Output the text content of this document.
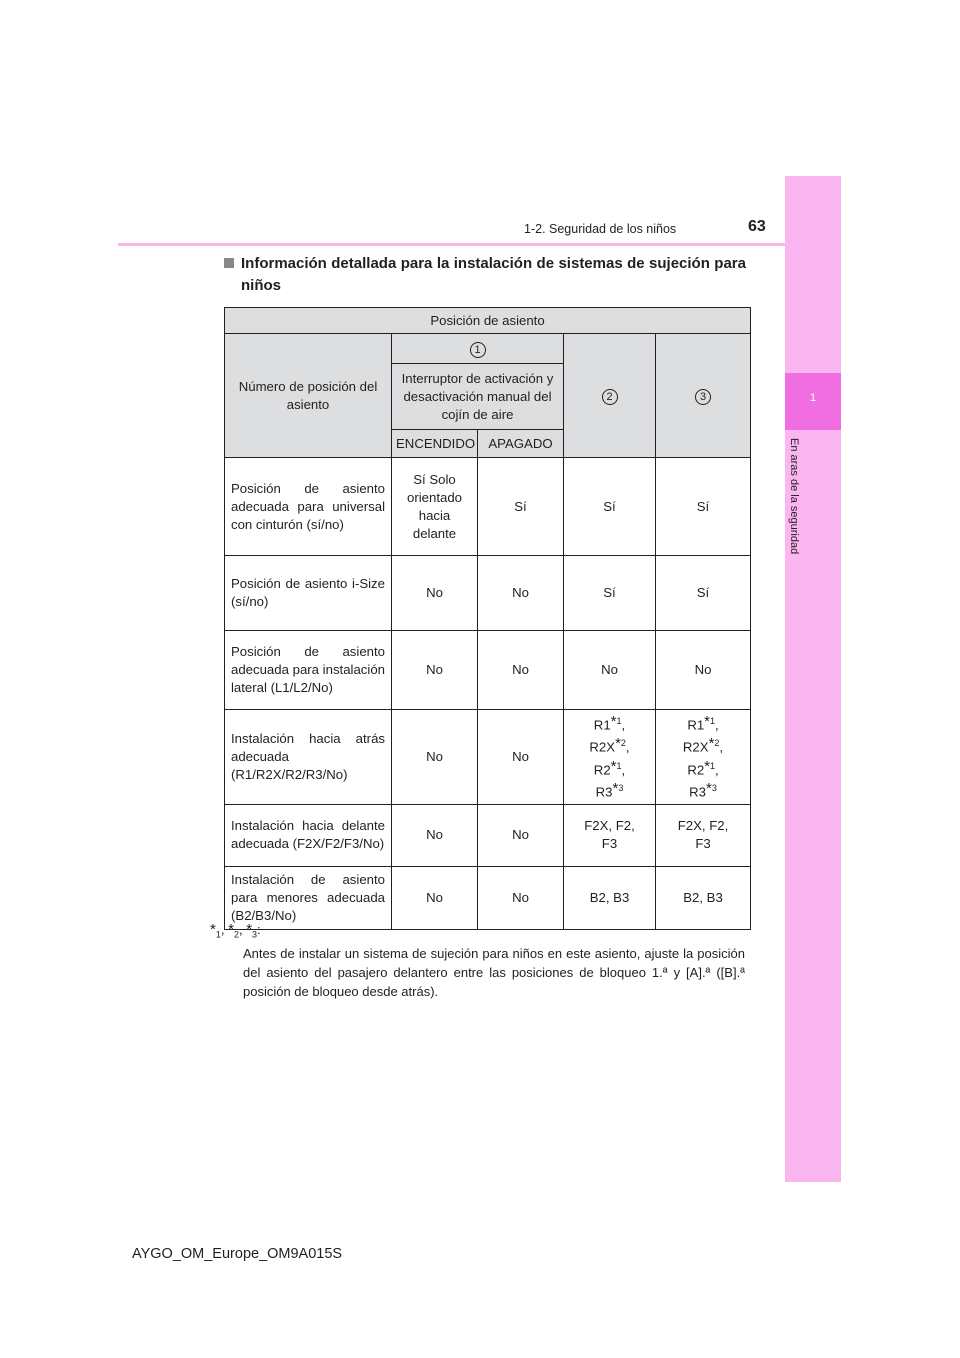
1-2. Seguridad de los niños	63
1
En aras de la seguridad
Información detallada para la instalación de sistemas de sujeción para niños
Posición de asiento				
Número de posición del asiento	1		2	3
	Interruptor de activación y desactivación manual del cojín de aire			
	ENCENDIDO	APAGADO		
Posición de asiento adecuada para universal con cinturón (sí/no)	Sí Solo orientado hacia delante	Sí	Sí	Sí
Posición de asiento i-Size (sí/no)	No	No	Sí	Sí
Posición de asiento adecuada para instalación lateral (L1/L2/No)	No	No	No	No
Instalación hacia atrás adecuada (R1/R2X/R2/R3/No)	No	No	R1$^{*1}$,
$R2X^{*2}$,
R2$^{*1}$,
R3$^{*3}$	R1$^{*1}$,
$R2X^{*2}$,
R2$^{*1}$,
R3$^{*3}$
Instalación hacia delante adecuada (F2X/F2/F3/No)	No	No	F2X, F2, F3	F2X, F2, F3
Instalación de asiento para menores adecuada (B2/B3/No)	No	No	B2, B3	B2, B3
$*_1$, $*_2$, $*_3$:
Antes de instalar un sistema de sujeción para niños en este asiento, ajuste la posición del asiento del pasajero delantero entre las posiciones de bloqueo 1.ª y [A].ª ([B].ª posición de bloqueo desde atrás).
AYGO_OM_Europe_OM9A015S
